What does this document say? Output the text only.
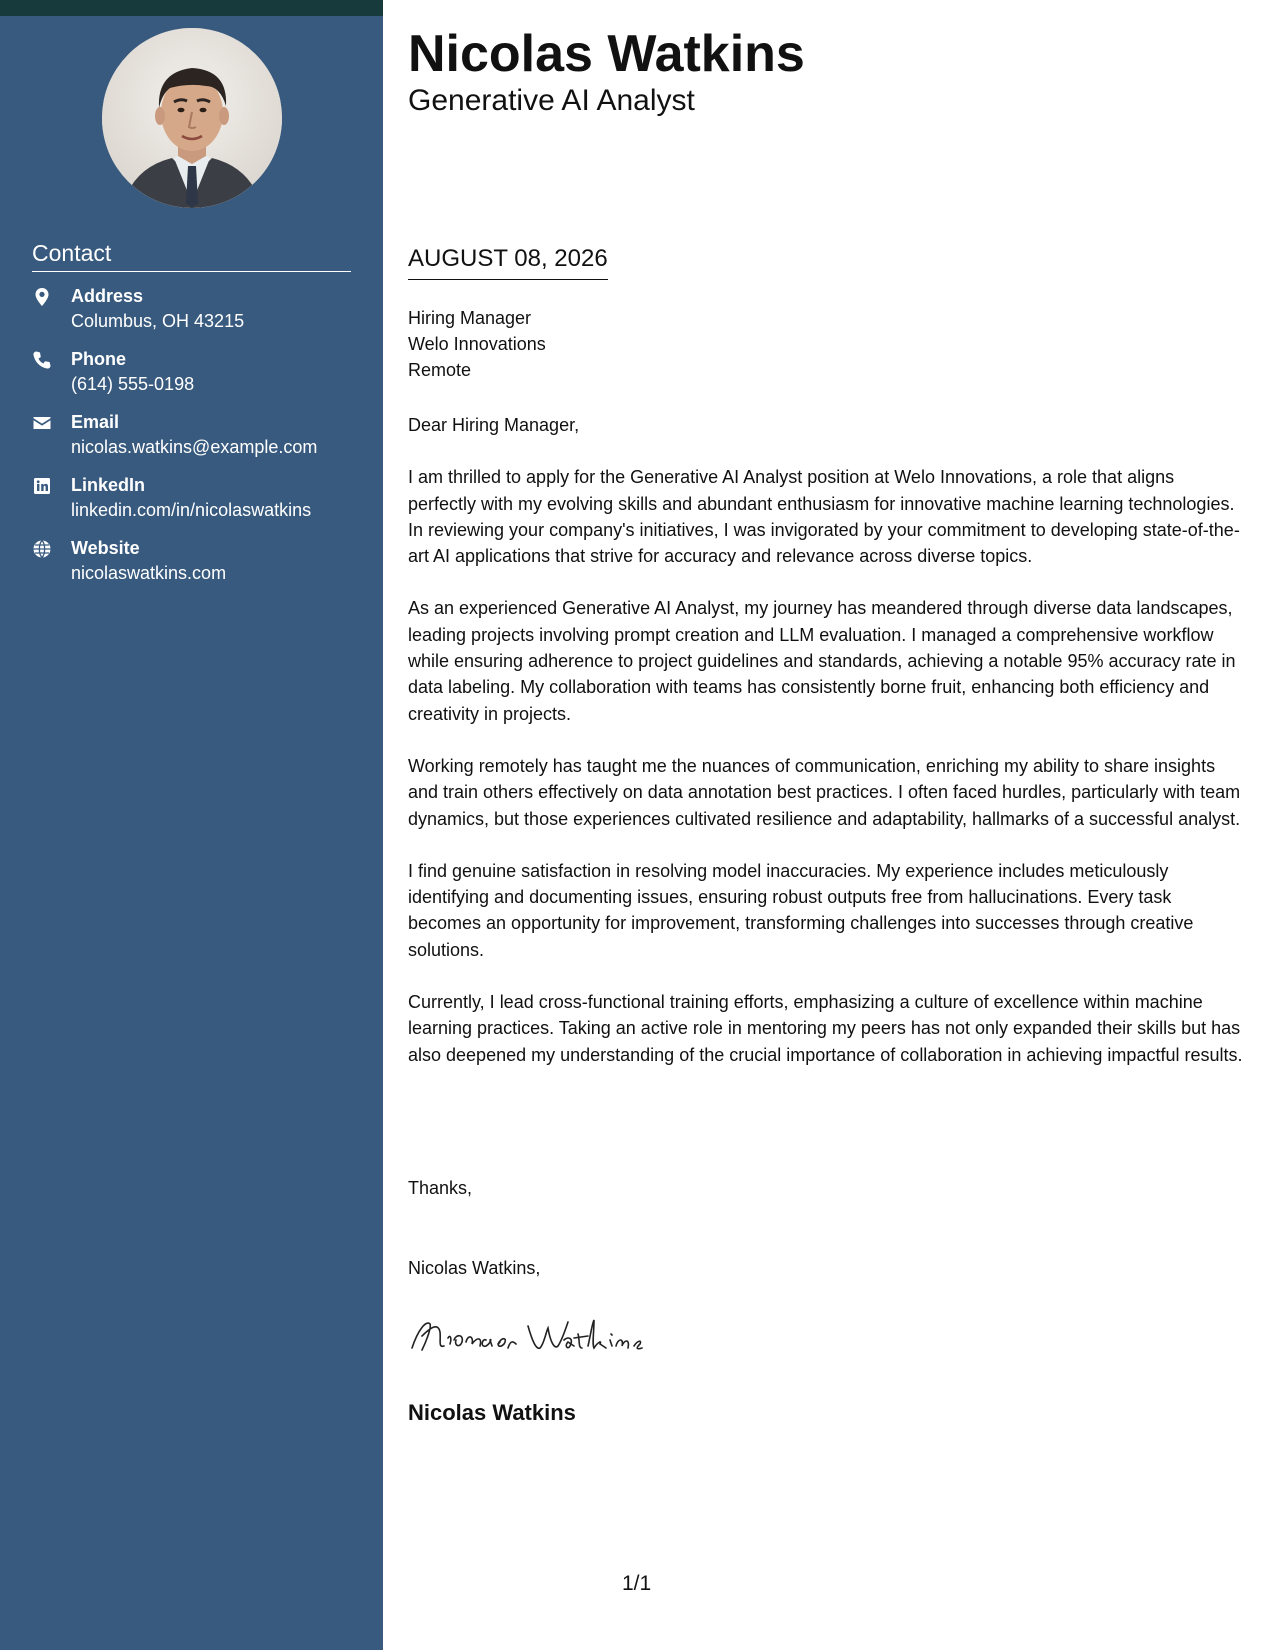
Contact
Address
Columbus, OH 43215
Phone
(614) 555-0198
Email
nicolas.watkins@example.com
LinkedIn
linkedin.com/in/nicolaswatkins
Website
nicolaswatkins.com
Nicolas Watkins
Generative AI Analyst
AUGUST 08, 2026
Hiring Manager
Welo Innovations
Remote
Dear Hiring Manager,

I am thrilled to apply for the Generative AI Analyst position at Welo Innovations, a role that aligns perfectly with my evolving skills and abundant enthusiasm for innovative machine learning technologies. In reviewing your company's initiatives, I was invigorated by your commitment to developing state-of-the-art AI applications that strive for accuracy and relevance across diverse topics.

As an experienced Generative AI Analyst, my journey has meandered through diverse data landscapes, leading projects involving prompt creation and LLM evaluation. I managed a comprehensive workflow while ensuring adherence to project guidelines and standards, achieving a notable 95% accuracy rate in data labeling. My collaboration with teams has consistently borne fruit, enhancing both efficiency and creativity in projects.

Working remotely has taught me the nuances of communication, enriching my ability to share insights and train others effectively on data annotation best practices. I often faced hurdles, particularly with team dynamics, but those experiences cultivated resilience and adaptability, hallmarks of a successful analyst.

I find genuine satisfaction in resolving model inaccuracies. My experience includes meticulously identifying and documenting issues, ensuring robust outputs free from hallucinations. Every task becomes an opportunity for improvement, transforming challenges into successes through creative solutions.

Currently, I lead cross-functional training efforts, emphasizing a culture of excellence within machine learning practices. Taking an active role in mentoring my peers has not only expanded their skills but has also deepened my understanding of the crucial importance of collaboration in achieving impactful results.

Thanks,
Nicolas Watkins,
Nicolas Watkins
1/1
